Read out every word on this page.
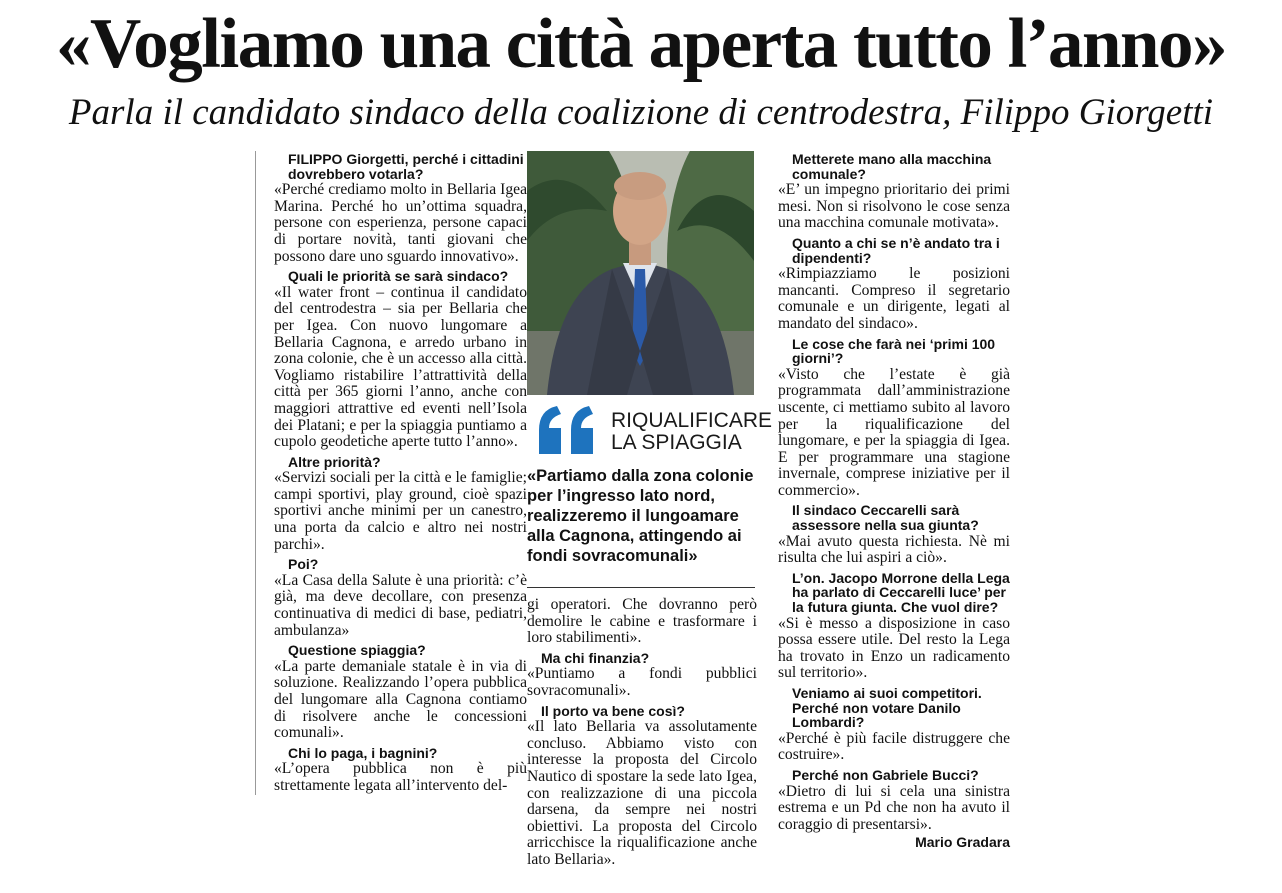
«Vogliamo una città aperta tutto l’anno»
Parla il candidato sindaco della coalizione di centrodestra, Filippo Giorgetti
FILIPPO Giorgetti, perché i cittadini dovrebbero votarla?

«Perché crediamo molto in Bellaria Igea Marina. Perché ho un’ottima squadra, persone con esperienza, persone capaci di portare novità, tanti giovani che possono dare uno sguardo innovativo».

Quali le priorità se sarà sindaco?

«Il water front – continua il candidato del centrodestra – sia per Bellaria che per Igea. Con nuovo lungomare a Bellaria Cagnona, e arredo urbano in zona colonie, che è un accesso alla città. Vogliamo ristabilire l’attrattività della città per 365 giorni l’anno, anche con maggiori attrattive ed eventi nell’Isola dei Platani; e per la spiaggia puntiamo a cupolo geodetiche aperte tutto l’anno».

Altre priorità?

«Servizi sociali per la città e le famiglie; campi sportivi, play ground, cioè spazi sportivi anche minimi per un canestro, una porta da calcio e altro nei nostri parchi».

Poi?

«La Casa della Salute è una priorità: c’è già, ma deve decollare, con presenza continuativa di medici di base, pediatri, ambulanza»

Questione spiaggia?

«La parte demaniale statale è in via di soluzione. Realizzando l’opera pubblica del lungomare alla Cagnona contiamo di risolvere anche le concessioni comunali».

Chi lo paga, i bagnini?

«L’opera pubblica non è più strettamente legata all’intervento del-

RIQUALIFICARE
LA SPIAGGIA
«Partiamo dalla zona colonie per l’ingresso lato nord, realizzeremo il lungoamare alla Cagnona, attingendo ai fondi sovracomunali»

gi operatori. Che dovranno però demolire le cabine e trasformare i loro stabilimenti».

Ma chi finanzia?

«Puntiamo a fondi pubblici sovracomunali».

Il porto va bene così?

«Il lato Bellaria va assolutamente concluso. Abbiamo visto con interesse la proposta del Circolo Nautico di spostare la sede lato Igea, con realizzazione di una piccola darsena, da sempre nei nostri obiettivi. La proposta del Circolo arricchisce la riqualificazione anche lato Bellaria».

Metterete mano alla macchina comunale?

«E’ un impegno prioritario dei primi mesi. Non si risolvono le cose senza una macchina comunale motivata».

Quanto a chi se n’è andato tra i dipendenti?

«Rimpiazziamo le posizioni mancanti. Compreso il segretario comunale e un dirigente, legati al mandato del sindaco».

Le cose che farà nei ‘primi 100 giorni’?

«Visto che l’estate è già programmata dall’amministrazione uscente, ci mettiamo subito al lavoro per la riqualificazione del lungomare, e per la spiaggia di Igea. E per programmare una stagione invernale, comprese iniziative per il commercio».

Il sindaco Ceccarelli sarà assessore nella sua giunta?

«Mai avuto questa richiesta. Nè mi risulta che lui aspiri a ciò».

L’on. Jacopo Morrone della Lega ha parlato di Ceccarelli luce’ per la futura giunta. Che vuol dire?

«Si è messo a disposizione in caso possa essere utile. Del resto la Lega ha trovato in Enzo un radicamento sul territorio».

Veniamo ai suoi competitori. Perché non votare Danilo Lombardi?

«Perché è più facile distruggere che costruire».

Perché non Gabriele Bucci?

«Dietro di lui si cela una sinistra estrema e un Pd che non ha avuto il coraggio di presentarsi».

Mario Gradara
